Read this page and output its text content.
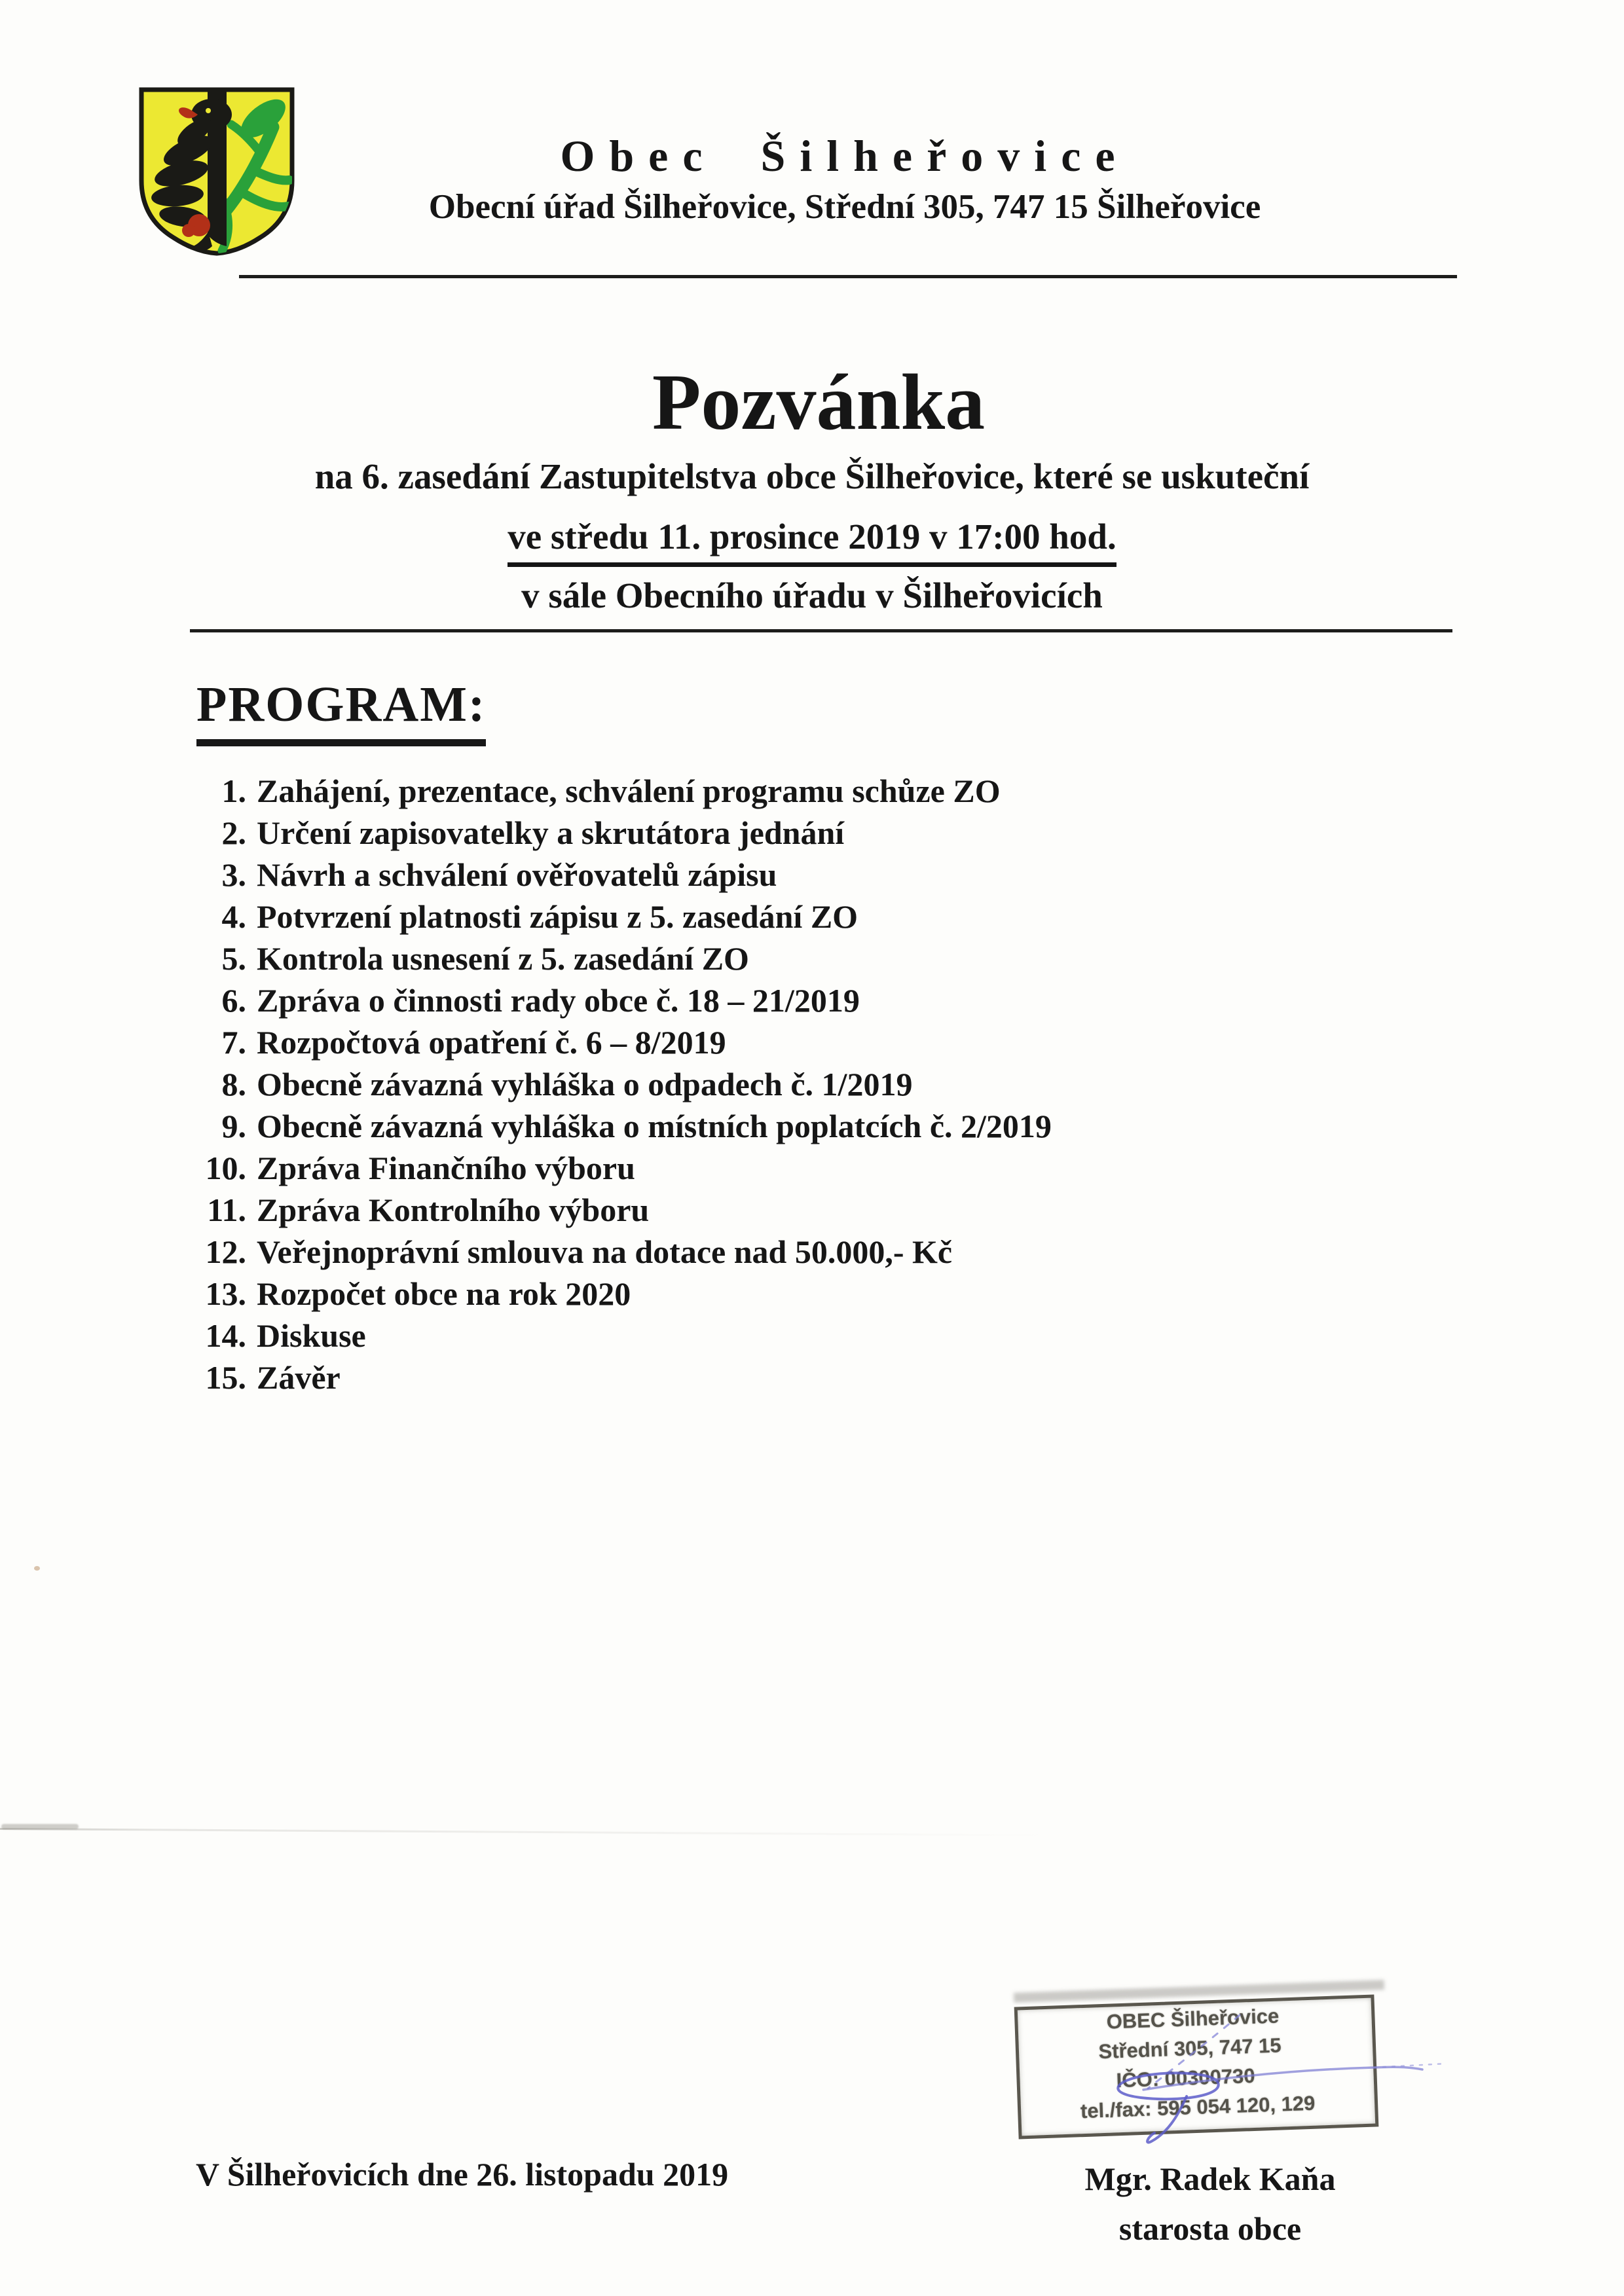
Obec Šilheřovice
Obecní úřad Šilheřovice, Střední 305, 747 15 Šilheřovice
Pozvánka
na 6. zasedání Zastupitelstva obce Šilheřovice, které se uskuteční
ve středu 11. prosince 2019 v 17:00 hod.
v sále Obecního úřadu v Šilheřovicích
PROGRAM:
1. Zahájení, prezentace, schválení programu schůze ZO
2. Určení zapisovatelky a skrutátora jednání
3. Návrh a schválení ověřovatelů zápisu
4. Potvrzení platnosti zápisu z 5. zasedání ZO
5. Kontrola usnesení z 5. zasedání ZO
6. Zpráva o činnosti rady obce č. 18 – 21/2019
7. Rozpočtová opatření č. 6 – 8/2019
8. Obecně závazná vyhláška o odpadech č. 1/2019
9. Obecně závazná vyhláška o místních poplatcích č. 2/2019
10. Zpráva Finančního výboru
11. Zpráva Kontrolního výboru
12. Veřejnoprávní smlouva na dotace nad 50.000,- Kč
13. Rozpočet obce na rok 2020
14. Diskuse
15. Závěr
OBEC Šilheřovice
Střední 305, 747 15
IČO: 00300730
tel./fax: 595 054 120, 129
V Šilheřovicích dne 26. listopadu 2019	Mgr. Radek Kaňa
starosta obce
